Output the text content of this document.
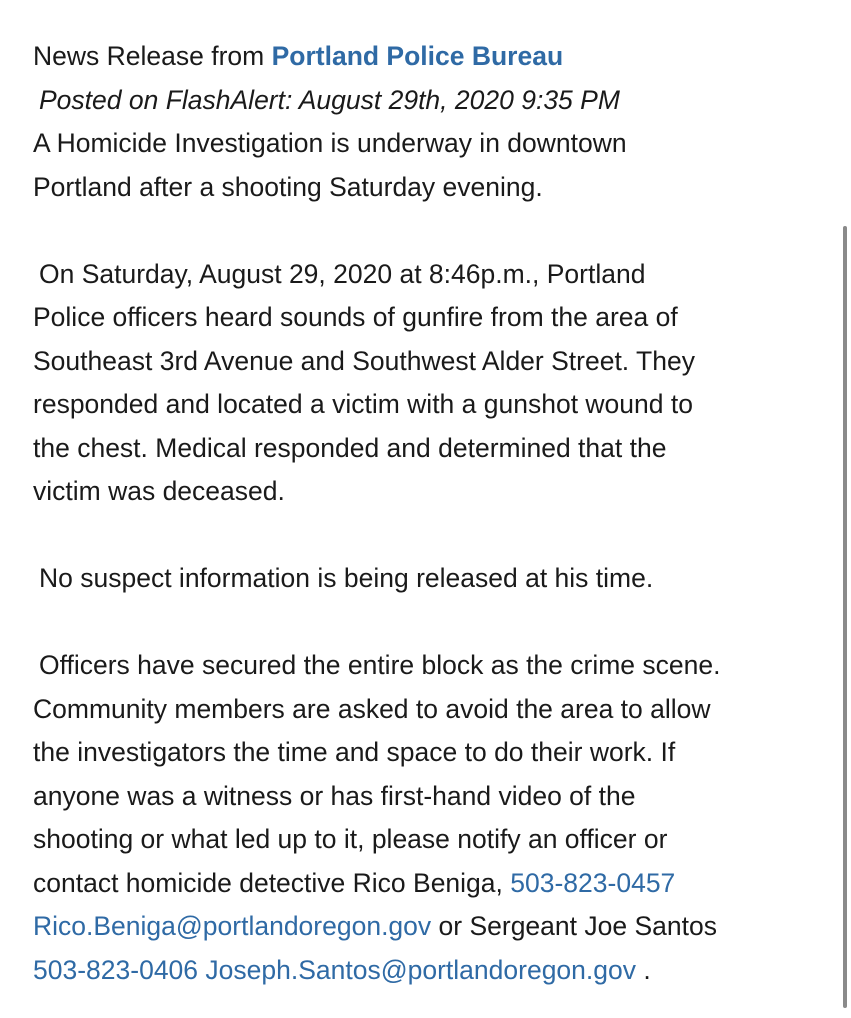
News Release from Portland Police Bureau
Posted on FlashAlert: August 29th, 2020 9:35 PM
A Homicide Investigation is underway in downtown
Portland after a shooting Saturday evening.
On Saturday, August 29, 2020 at 8:46p.m., Portland
Police officers heard sounds of gunfire from the area of
Southeast 3rd Avenue and Southwest Alder Street. They
responded and located a victim with a gunshot wound to
the chest. Medical responded and determined that the
victim was deceased.
No suspect information is being released at his time.
Officers have secured the entire block as the crime scene.
Community members are asked to avoid the area to allow
the investigators the time and space to do their work. If
anyone was a witness or has first-hand video of the
shooting or what led up to it, please notify an officer or
contact homicide detective Rico Beniga, 503-823-0457
Rico.Beniga@portlandoregon.gov or Sergeant Joe Santos
503-823-0406 Joseph.Santos@portlandoregon.gov .
